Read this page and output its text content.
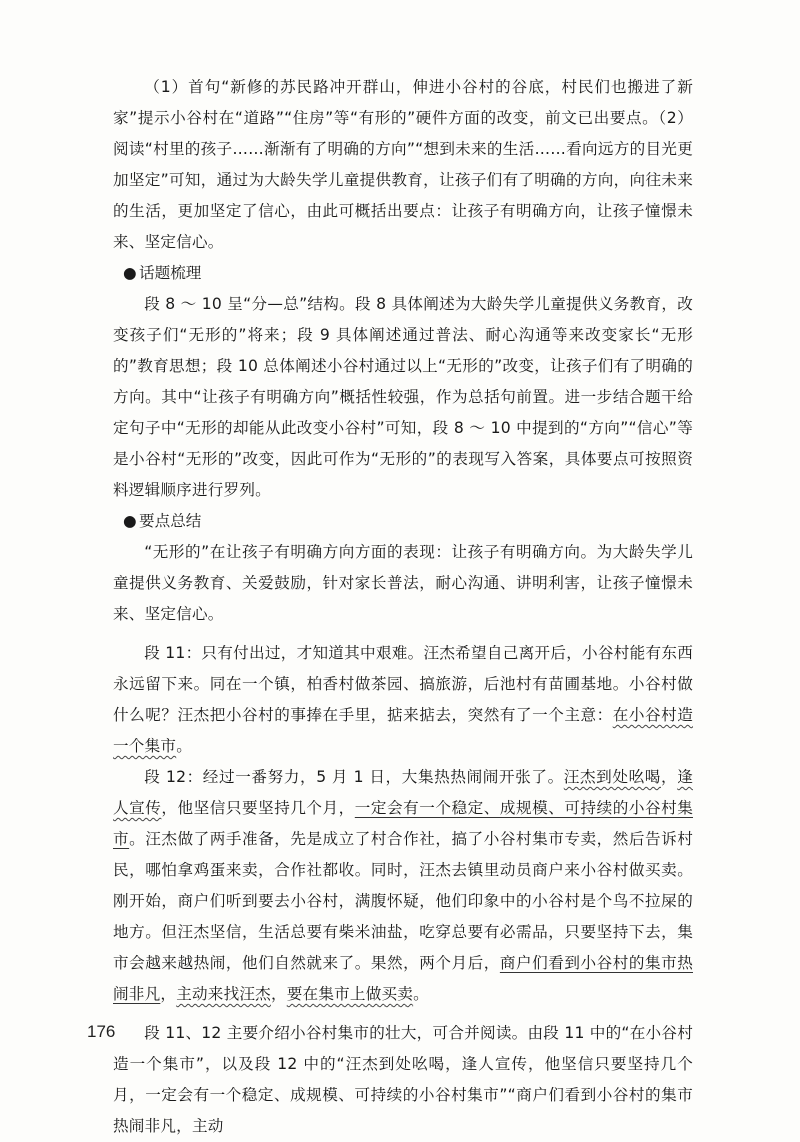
（1）首句“新修的苏民路冲开群山，伸进小谷村的谷底，村民们也搬进了新家”提示小谷村在“道路”“住房”等“有形的”硬件方面的改变，前文已出要点。（2）阅读“村里的孩子……渐渐有了明确的方向”“想到未来的生活……看向远方的目光更加坚定”可知，通过为大龄失学儿童提供教育，让孩子们有了明确的方向，向往未来的生活，更加坚定了信心，由此可概括出要点：让孩子有明确方向，让孩子憧憬未来、坚定信心。

● 话题梳理

段 8 ～ 10 呈“分—总”结构。段 8 具体阐述为大龄失学儿童提供义务教育，改变孩子们“无形的”将来；段 9 具体阐述通过普法、耐心沟通等来改变家长“无形的”教育思想；段 10 总体阐述小谷村通过以上“无形的”改变，让孩子们有了明确的方向。其中“让孩子有明确方向”概括性较强，作为总括句前置。进一步结合题干给定句子中“无形的却能从此改变小谷村”可知，段 8 ～ 10 中提到的“方向”“信心”等是小谷村“无形的”改变，因此可作为“无形的”的表现写入答案，具体要点可按照资料逻辑顺序进行罗列。

● 要点总结

“无形的”在让孩子有明确方向方面的表现：让孩子有明确方向。为大龄失学儿童提供义务教育、关爱鼓励，针对家长普法，耐心沟通、讲明利害，让孩子憧憬未来、坚定信心。

段 11：只有付出过，才知道其中艰难。汪杰希望自己离开后，小谷村能有东西永远留下来。同在一个镇，柏香村做茶园、搞旅游，后池村有苗圃基地。小谷村做什么呢？汪杰把小谷村的事捧在手里，掂来掂去，突然有了一个主意：在小谷村造一个集市。

段 12：经过一番努力，5 月 1 日，大集热热闹闹开张了。汪杰到处吆喝，逢人宣传，他坚信只要坚持几个月，一定会有一个稳定、成规模、可持续的小谷村集市。汪杰做了两手准备，先是成立了村合作社，搞了小谷村集市专卖，然后告诉村民，哪怕拿鸡蛋来卖，合作社都收。同时，汪杰去镇里动员商户来小谷村做买卖。刚开始，商户们听到要去小谷村，满腹怀疑，他们印象中的小谷村是个鸟不拉屎的地方。但汪杰坚信，生活总要有柴米油盐，吃穿总要有必需品，只要坚持下去，集市会越来越热闹，他们自然就来了。果然，两个月后，商户们看到小谷村的集市热闹非凡，主动来找汪杰，要在集市上做买卖。

段 11、12 主要介绍小谷村集市的壮大，可合并阅读。由段 11 中的“在小谷村造一个集市”，以及段 12 中的“汪杰到处吆喝，逢人宣传，他坚信只要坚持几个月，一定会有一个稳定、成规模、可持续的小谷村集市”“商户们看到小谷村的集市热闹非凡，主动

176
